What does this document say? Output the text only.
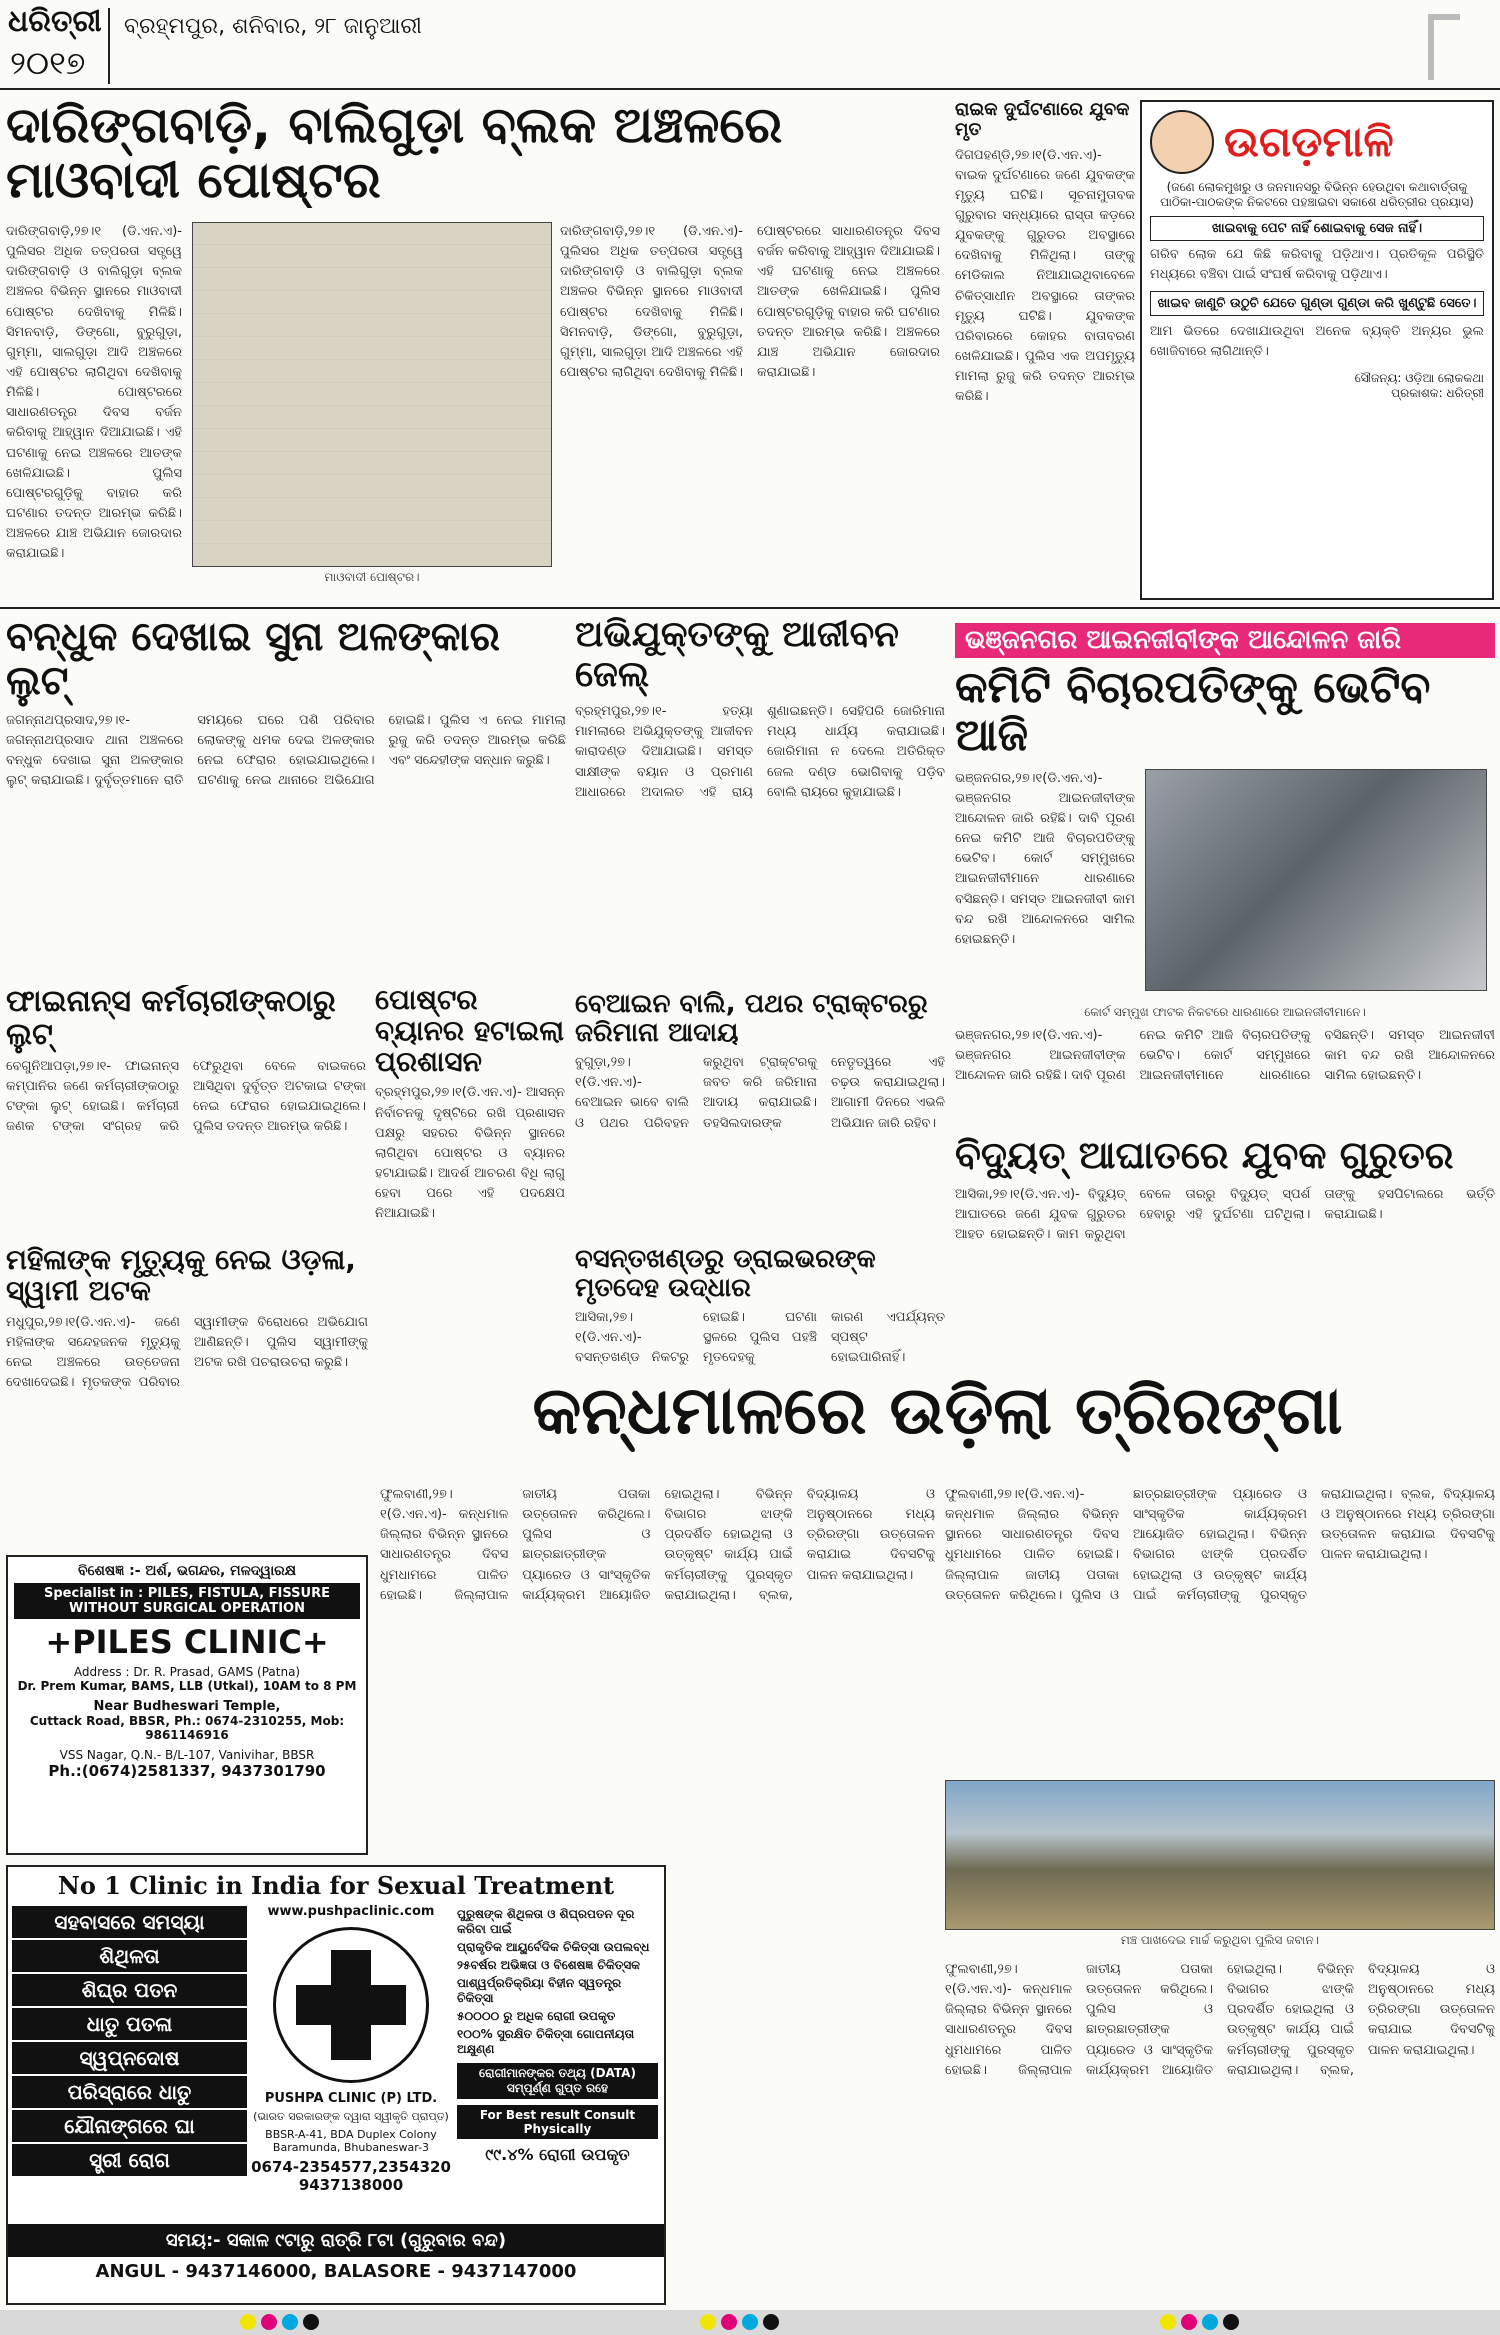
ଧରିତ୍ରୀ
୨୦୧୭
ବ୍ରହ୍ମପୁର, ଶନିବାର, ୨୮ ଜାନୁଆରୀ
ଦାରିଙ୍ଗବାଡ଼ି, ବାଲିଗୁଡ଼ା ବ୍ଲକ ଅଞ୍ଚଳରେ ମାଓବାଦୀ ପୋଷ୍ଟର
ଦାରିଙ୍ଗବାଡ଼ି,୨୭।୧ (ଡି.ଏନ.ଏ)- ପୁଲିସର ଅଧିକ ତତ୍ପରତା ସତ୍ତ୍ୱେ ଦାରିଙ୍ଗବାଡ଼ି ଓ ବାଲିଗୁଡ଼ା ବ୍ଲକ ଅଞ୍ଚଳର ବିଭିନ୍ନ ସ୍ଥାନରେ ମାଓବାଦୀ ପୋଷ୍ଟର ଦେଖିବାକୁ ମିଳିଛି। ସିମନବାଡ଼ି, ଡିଙ୍ଗୋ, ବୁରୁଗୁଡ଼ା, ଗୁମ୍ମା, ସାଲଗୁଡ଼ା ଆଦି ଅଞ୍ଚଳରେ ଏହି ପୋଷ୍ଟର ଲାଗିଥିବା ଦେଖିବାକୁ ମିଳିଛି। ପୋଷ୍ଟରରେ ସାଧାରଣତନ୍ତ୍ର ଦିବସ ବର୍ଜନ କରିବାକୁ ଆହ୍ୱାନ ଦିଆଯାଇଛି। ଏହି ଘଟଣାକୁ ନେଇ ଅଞ୍ଚଳରେ ଆତଙ୍କ ଖେଳିଯାଇଛି। ପୁଲିସ ପୋଷ୍ଟରଗୁଡ଼ିକୁ ବାହାର କରି ଘଟଣାର ତଦନ୍ତ ଆରମ୍ଭ କରିଛି। ଅଞ୍ଚଳରେ ଯାଞ୍ଚ ଅଭିଯାନ ଜୋରଦାର କରାଯାଇଛି।
ମାଓବାଦୀ ପୋଷ୍ଟର।
ଦାରିଙ୍ଗବାଡ଼ି,୨୭।୧ (ଡି.ଏନ.ଏ)- ପୁଲିସର ଅଧିକ ତତ୍ପରତା ସତ୍ତ୍ୱେ ଦାରିଙ୍ଗବାଡ଼ି ଓ ବାଲିଗୁଡ଼ା ବ୍ଲକ ଅଞ୍ଚଳର ବିଭିନ୍ନ ସ୍ଥାନରେ ମାଓବାଦୀ ପୋଷ୍ଟର ଦେଖିବାକୁ ମିଳିଛି। ସିମନବାଡ଼ି, ଡିଙ୍ଗୋ, ବୁରୁଗୁଡ଼ା, ଗୁମ୍ମା, ସାଲଗୁଡ଼ା ଆଦି ଅଞ୍ଚଳରେ ଏହି ପୋଷ୍ଟର ଲାଗିଥିବା ଦେଖିବାକୁ ମିଳିଛି। ପୋଷ୍ଟରରେ ସାଧାରଣତନ୍ତ୍ର ଦିବସ ବର୍ଜନ କରିବାକୁ ଆହ୍ୱାନ ଦିଆଯାଇଛି। ଏହି ଘଟଣାକୁ ନେଇ ଅଞ୍ଚଳରେ ଆତଙ୍କ ଖେଳିଯାଇଛି। ପୁଲିସ ପୋଷ୍ଟରଗୁଡ଼ିକୁ ବାହାର କରି ଘଟଣାର ତଦନ୍ତ ଆରମ୍ଭ କରିଛି। ଅଞ୍ଚଳରେ ଯାଞ୍ଚ ଅଭିଯାନ ଜୋରଦାର କରାଯାଇଛି।
ରାଇକ ଦୁର୍ଘଟଣାରେ ଯୁବକ ମୃତ
ଦିଗପହଣ୍ଡି,୨୭।୧(ଡି.ଏନ.ଏ)- ବାଇକ ଦୁର୍ଘଟଣାରେ ଜଣେ ଯୁବକଙ୍କ ମୃତ୍ୟୁ ଘଟିଛି। ସୂଚନାମୁତାବକ ଗୁରୁବାର ସନ୍ଧ୍ୟାରେ ରାସ୍ତା କଡ଼ରେ ଯୁବକଙ୍କୁ ଗୁରୁତର ଅବସ୍ଥାରେ ଦେଖିବାକୁ ମିଳିଥିଲା। ତାଙ୍କୁ ମେଡିକାଲ ନିଆଯାଇଥିବାବେଳେ ଚିକିତ୍ସାଧୀନ ଅବସ୍ଥାରେ ତାଙ୍କର ମୃତ୍ୟୁ ଘଟିଛି। ଯୁବକଙ୍କ ପରିବାରରେ କୋହର ବାତାବରଣ ଖେଳିଯାଇଛି। ପୁଲିସ ଏକ ଅପମୃତ୍ୟୁ ମାମଲା ରୁଜୁ କରି ତଦନ୍ତ ଆରମ୍ଭ କରିଛି।
ଉଗଡ଼ମାଳି
(ଜଣେ ଲୋକମୁଖରୁ ଓ ଜନମାନସରୁ ବିଭିନ୍ନ ହେଉଥିବା କଥାବାର୍ତ୍ତାକୁ ପାଠିକା-ପାଠକଙ୍କ ନିକଟରେ ପହଞ୍ଚାଇବା ସକାଶେ ଧରିତ୍ରୀର ପ୍ରୟାସ)
ଖାଇବାକୁ ପେଟ ନାହିଁ ଶୋଇବାକୁ ସେଜ ନାହିଁ।
ଗରିବ ଲୋକ ଯେ କିଛି କରିବାକୁ ପଡ଼ିଥାଏ। ପ୍ରତିକୂଳ ପରିସ୍ଥିତି ମଧ୍ୟରେ ବଞ୍ଚିବା ପାଇଁ ସଂଘର୍ଷ କରିବାକୁ ପଡ଼ିଥାଏ।
ଖାଇବ ଜାଣୁଚି ଉଠୁଚି ଯେତେ ଗୁଣ୍ଡା ଗୁଣ୍ଡା କରି ଖୁଣ୍ଟୁଛି ସେତେ।
ଆମ ଭିତରେ ଦେଖାଯାଉଥିବା ଅନେକ ବ୍ୟକ୍ତି ଅନ୍ୟର ଭୁଲ ଖୋଜିବାରେ ଲାଗିଥାନ୍ତି।
ସୌଜନ୍ୟ: ଓଡ଼ିଆ ଲୋକକଥା
ପ୍ରକାଶକ: ଧରିତ୍ରୀ
ବନ୍ଧୁକ ଦେଖାଇ ସୁନା ଅଳଙ୍କାର ଲୁଟ୍
ଜଗନ୍ନାଥପ୍ରସାଦ,୨୭।୧- ଜଗନ୍ନାଥପ୍ରସାଦ ଥାନା ଅଞ୍ଚଳରେ ବନ୍ଧୁକ ଦେଖାଇ ସୁନା ଅଳଙ୍କାର ଲୁଟ୍ କରାଯାଇଛି। ଦୁର୍ବୃତ୍ତମାନେ ରାତି ସମୟରେ ଘରେ ପଶି ପରିବାର ଲୋକଙ୍କୁ ଧମକ ଦେଇ ଅଳଙ୍କାର ନେଇ ଫେରାର ହୋଇଯାଇଥିଲେ। ଘଟଣାକୁ ନେଇ ଥାନାରେ ଅଭିଯୋଗ ହୋଇଛି। ପୁଲିସ ଏ ନେଇ ମାମଲା ରୁଜୁ କରି ତଦନ୍ତ ଆରମ୍ଭ କରିଛି ଏବଂ ସନ୍ଦେହୀଙ୍କ ସନ୍ଧାନ କରୁଛି।
ଅଭିଯୁକ୍ତଙ୍କୁ ଆଜୀବନ ଜେଲ୍
ବ୍ରହ୍ମପୁର,୨୭।୧- ହତ୍ୟା ମାମଲାରେ ଅଭିଯୁକ୍ତଙ୍କୁ ଆଜୀବନ କାରାଦଣ୍ଡ ଦିଆଯାଇଛି। ସମସ୍ତ ସାକ୍ଷୀଙ୍କ ବୟାନ ଓ ପ୍ରମାଣ ଆଧାରରେ ଅଦାଲତ ଏହି ରାୟ ଶୁଣାଇଛନ୍ତି। ସେହିପରି ଜୋରିମାନା ମଧ୍ୟ ଧାର୍ଯ୍ୟ କରାଯାଇଛି। ଜୋରିମାନା ନ ଦେଲେ ଅତିରିକ୍ତ ଜେଲ ଦଣ୍ଡ ଭୋଗିବାକୁ ପଡ଼ିବ ବୋଲି ରାୟରେ କୁହାଯାଇଛି।
ଭଞ୍ଜନଗର ଆଇନଜୀବୀଙ୍କ ଆନ୍ଦୋଳନ ଜାରି
କମିଟି ବିଚାରପତିଙ୍କୁ ଭେଟିବ ଆଜି
ଭଞ୍ଜନଗର,୨୭।୧(ଡି.ଏନ.ଏ)- ଭଞ୍ଜନଗର ଆଇନଜୀବୀଙ୍କ ଆନ୍ଦୋଳନ ଜାରି ରହିଛି। ଦାବି ପୂରଣ ନେଇ କମିଟି ଆଜି ବିଚାରପତିଙ୍କୁ ଭେଟିବ। କୋର୍ଟ ସମ୍ମୁଖରେ ଆଇନଜୀବୀମାନେ ଧାରଣାରେ ବସିଛନ୍ତି। ସମସ୍ତ ଆଇନଜୀବୀ କାମ ବନ୍ଦ ରଖି ଆନ୍ଦୋଳନରେ ସାମିଲ ହୋଇଛନ୍ତି।
କୋର୍ଟ ସମ୍ମୁଖ ଫାଟକ ନିକଟରେ ଧାରଣାରେ ଆଇନଜୀବୀମାନେ।
ଭଞ୍ଜନଗର,୨୭।୧(ଡି.ଏନ.ଏ)- ଭଞ୍ଜନଗର ଆଇନଜୀବୀଙ୍କ ଆନ୍ଦୋଳନ ଜାରି ରହିଛି। ଦାବି ପୂରଣ ନେଇ କମିଟି ଆଜି ବିଚାରପତିଙ୍କୁ ଭେଟିବ। କୋର୍ଟ ସମ୍ମୁଖରେ ଆଇନଜୀବୀମାନେ ଧାରଣାରେ ବସିଛନ୍ତି। ସମସ୍ତ ଆଇନଜୀବୀ କାମ ବନ୍ଦ ରଖି ଆନ୍ଦୋଳନରେ ସାମିଲ ହୋଇଛନ୍ତି।
ଫାଇନାନ୍ସ କର୍ମଚାରୀଙ୍କଠାରୁ ଲୁଟ୍
ବେଗୁନିଆପଡ଼ା,୨୭।୧- ଫାଇନାନ୍ସ କମ୍ପାନିର ଜଣେ କର୍ମଚାରୀଙ୍କଠାରୁ ଟଙ୍କା ଲୁଟ୍ ହୋଇଛି। କର୍ମଚାରୀ ଜଣକ ଟଙ୍କା ସଂଗ୍ରହ କରି ଫେରୁଥିବା ବେଳେ ବାଇକରେ ଆସିଥିବା ଦୁର୍ବୃତ୍ତ ଅଟକାଇ ଟଙ୍କା ନେଇ ଫେରାର ହୋଇଯାଇଥିଲେ। ପୁଲିସ ତଦନ୍ତ ଆରମ୍ଭ କରିଛି।
ପୋଷ୍ଟର ବ୍ୟାନର ହଟାଇଲା ପ୍ରଶାସନ
ବ୍ରହ୍ମପୁର,୨୭।୧(ଡି.ଏନ.ଏ)- ଆସନ୍ନ ନିର୍ବାଚନକୁ ଦୃଷ୍ଟିରେ ରଖି ପ୍ରଶାସନ ପକ୍ଷରୁ ସହରର ବିଭିନ୍ନ ସ୍ଥାନରେ ଲାଗିଥିବା ପୋଷ୍ଟର ଓ ବ୍ୟାନର ହଟାଯାଇଛି। ଆଦର୍ଶ ଆଚରଣ ବିଧି ଲାଗୁ ହେବା ପରେ ଏହି ପଦକ୍ଷେପ ନିଆଯାଇଛି।
ବେଆଇନ ବାଲି, ପଥର ଟ୍ରାକ୍ଟରରୁ ଜରିମାନା ଆଦାୟ
ବୁଗୁଡ଼ା,୨୭।୧(ଡି.ଏନ.ଏ)- ବେଆଇନ ଭାବେ ବାଲି ଓ ପଥର ପରିବହନ କରୁଥିବା ଟ୍ରାକ୍ଟରକୁ ଜବତ କରି ଜରିମାନା ଆଦାୟ କରାଯାଇଛି। ତହସିଲଦାରଙ୍କ ନେତୃତ୍ୱରେ ଏହି ଚଢ଼ଉ କରାଯାଇଥିଲା। ଆଗାମୀ ଦିନରେ ଏଭଳି ଅଭିଯାନ ଜାରି ରହିବ।
ମହିଳାଙ୍କ ମୃତ୍ୟୁକୁ ନେଇ ଓଡ଼ଳା, ସ୍ୱାମୀ ଅଟକ
ମଧୁପୁର,୨୭।୧(ଡି.ଏନ.ଏ)- ଜଣେ ମହିଳାଙ୍କ ସନ୍ଦେହଜନକ ମୃତ୍ୟୁକୁ ନେଇ ଅଞ୍ଚଳରେ ଉତ୍ତେଜନା ଦେଖାଦେଇଛି। ମୃତକଙ୍କ ପରିବାର ସ୍ୱାମୀଙ୍କ ବିରୋଧରେ ଅଭିଯୋଗ ଆଣିଛନ୍ତି। ପୁଲିସ ସ୍ୱାମୀଙ୍କୁ ଅଟକ ରଖି ପଚରାଉଚରା କରୁଛି।
ବସନ୍ତଖଣ୍ଡରୁ ଡ୍ରାଇଭରଙ୍କ ମୃତଦେହ ଉଦ୍ଧାର
ଆସିକା,୨୭।୧(ଡି.ଏନ.ଏ)- ବସନ୍ତଖଣ୍ଡ ନିକଟରୁ ହୋଇଛି। ଘଟଣା ସ୍ଥଳରେ ପୁଲିସ ପହଞ୍ଚି ମୃତଦେହକୁ କାରଣ ଏପର୍ଯ୍ୟନ୍ତ ସ୍ପଷ୍ଟ ହୋଇପାରିନାହିଁ।
ବିଦ୍ୟୁତ୍ ଆଘାତରେ ଯୁବକ ଗୁରୁତର
ଆସିକା,୨୭।୧(ଡି.ଏନ.ଏ)- ବିଦ୍ୟୁତ୍ ଆଘାତରେ ଜଣେ ଯୁବକ ଗୁରୁତର ଆହତ ହୋଇଛନ୍ତି। କାମ କରୁଥିବା ବେଳେ ତାରରୁ ବିଦ୍ୟୁତ୍ ସ୍ପର୍ଶ ହେବାରୁ ଏହି ଦୁର୍ଘଟଣା ଘଟିଥିଲା। ତାଙ୍କୁ ହସପିଟାଲରେ ଭର୍ତ୍ତି କରାଯାଇଛି।
କନ୍ଧମାଳରେ ଉଡ଼ିଲା ତ୍ରିରଙ୍ଗା
ଫୁଲବାଣୀ,୨୭।୧(ଡି.ଏନ.ଏ)- କନ୍ଧମାଳ ଜିଲ୍ଲାର ବିଭିନ୍ନ ସ୍ଥାନରେ ସାଧାରଣତନ୍ତ୍ର ଦିବସ ଧୁମଧାମରେ ପାଳିତ ହୋଇଛି। ଜିଲ୍ଲାପାଳ ଜାତୀୟ ପତାକା ଉତ୍ତୋଳନ କରିଥିଲେ। ପୁଲିସ ଓ ଛାତ୍ରଛାତ୍ରୀଙ୍କ ପ୍ୟାରେଡ ଓ ସାଂସ୍କୃତିକ କାର୍ଯ୍ୟକ୍ରମ ଆୟୋଜିତ ହୋଇଥିଲା। ବିଭିନ୍ନ ବିଭାଗର ଝାଙ୍କି ପ୍ରଦର୍ଶିତ ହୋଇଥିଲା ଓ ଉତ୍କୃଷ୍ଟ କାର୍ଯ୍ୟ ପାଇଁ କର୍ମଚାରୀଙ୍କୁ ପୁରସ୍କୃତ କରାଯାଇଥିଲା। ବ୍ଲକ, ବିଦ୍ୟାଳୟ ଓ ଅନୁଷ୍ଠାନରେ ମଧ୍ୟ ତ୍ରିରଙ୍ଗା ଉତ୍ତୋଳନ କରାଯାଇ ଦିବସଟିକୁ ପାଳନ କରାଯାଇଥିଲା।
ଫୁଲବାଣୀ,୨୭।୧(ଡି.ଏନ.ଏ)- କନ୍ଧମାଳ ଜିଲ୍ଲାର ବିଭିନ୍ନ ସ୍ଥାନରେ ସାଧାରଣତନ୍ତ୍ର ଦିବସ ଧୁମଧାମରେ ପାଳିତ ହୋଇଛି। ଜିଲ୍ଲାପାଳ ଜାତୀୟ ପତାକା ଉତ୍ତୋଳନ କରିଥିଲେ। ପୁଲିସ ଓ ଛାତ୍ରଛାତ୍ରୀଙ୍କ ପ୍ୟାରେଡ ଓ ସାଂସ୍କୃତିକ କାର୍ଯ୍ୟକ୍ରମ ଆୟୋଜିତ ହୋଇଥିଲା। ବିଭିନ୍ନ ବିଭାଗର ଝାଙ୍କି ପ୍ରଦର୍ଶିତ ହୋଇଥିଲା ଓ ଉତ୍କୃଷ୍ଟ କାର୍ଯ୍ୟ ପାଇଁ କର୍ମଚାରୀଙ୍କୁ ପୁରସ୍କୃତ କରାଯାଇଥିଲା। ବ୍ଲକ, ବିଦ୍ୟାଳୟ ଓ ଅନୁଷ୍ଠାନରେ ମଧ୍ୟ ତ୍ରିରଙ୍ଗା ଉତ୍ତୋଳନ କରାଯାଇ ଦିବସଟିକୁ ପାଳନ କରାଯାଇଥିଲା।
ମଞ୍ଚ ପାଖଦେଇ ମାର୍ଚ୍ଚ କରୁଥିବା ପୁଲିସ ଜବାନ।
ଫୁଲବାଣୀ,୨୭।୧(ଡି.ଏନ.ଏ)- କନ୍ଧମାଳ ଜିଲ୍ଲାର ବିଭିନ୍ନ ସ୍ଥାନରେ ସାଧାରଣତନ୍ତ୍ର ଦିବସ ଧୁମଧାମରେ ପାଳିତ ହୋଇଛି। ଜିଲ୍ଲାପାଳ ଜାତୀୟ ପତାକା ଉତ୍ତୋଳନ କରିଥିଲେ। ପୁଲିସ ଓ ଛାତ୍ରଛାତ୍ରୀଙ୍କ ପ୍ୟାରେଡ ଓ ସାଂସ୍କୃତିକ କାର୍ଯ୍ୟକ୍ରମ ଆୟୋଜିତ ହୋଇଥିଲା। ବିଭିନ୍ନ ବିଭାଗର ଝାଙ୍କି ପ୍ରଦର୍ଶିତ ହୋଇଥିଲା ଓ ଉତ୍କୃଷ୍ଟ କାର୍ଯ୍ୟ ପାଇଁ କର୍ମଚାରୀଙ୍କୁ ପୁରସ୍କୃତ କରାଯାଇଥିଲା। ବ୍ଲକ, ବିଦ୍ୟାଳୟ ଓ ଅନୁଷ୍ଠାନରେ ମଧ୍ୟ ତ୍ରିରଙ୍ଗା ଉତ୍ତୋଳନ କରାଯାଇ ଦିବସଟିକୁ ପାଳନ କରାଯାଇଥିଲା।
ବିଶେଷଜ୍ଞ :- ଅର୍ଶ, ଭଗନ୍ଦର, ମଳଦ୍ୱାରକ୍ଷ
Specialist in : PILES, FISTULA, FISSURE
WITHOUT SURGICAL OPERATION
+PILES CLINIC+
Address : Dr. R. Prasad, GAMS (Patna)
Dr. Prem Kumar, BAMS, LLB (Utkal), 10AM to 8 PM
Near Budheswari Temple,
Cuttack Road, BBSR, Ph.: 0674-2310255, Mob: 9861146916
VSS Nagar, Q.N.- B/L-107, Vanivihar, BBSR
Ph.:(0674)2581337, 9437301790
No 1 Clinic in India for Sexual Treatment
ସହବାସରେ ସମସ୍ୟା
ଶିଥିଳତା
ଶିଘ୍ର ପତନ
ଧାତୁ ପତଳା
ସ୍ୱପ୍ନଦୋଷ
ପରିସ୍ରାରେ ଧାତୁ
ଯୌନାଙ୍ଗରେ ଘା
ସ୍ତ୍ରୀ ରୋଗ
www.pushpaclinic.com
PUSHPA CLINIC (P) LTD.
(ଭାରତ ସରକାରଙ୍କ ଦ୍ୱାରା ସ୍ୱୀକୃତି ପ୍ରାପ୍ତ)
BBSR-A-41, BDA Duplex Colony Baramunda, Bhubaneswar-3
0674-2354577,2354320
9437138000
ପୁରୁଷଙ୍କ ଶିଥିଳତା ଓ ଶିଘ୍ରପତନ ଦୂର କରିବା ପାଇଁ
ପ୍ରାକୃତିକ ଆୟୁର୍ବେଦିକ ଚିକିତ୍ସା ଉପଲବ୍ଧ
୨୫ବର୍ଷର ଅଭିଜ୍ଞତା ଓ ବିଶେଷଜ୍ଞ ଚିକିତ୍ସକ
ପାଶ୍ୱର୍ପ୍ରତିକ୍ରିୟା ବିହୀନ ସ୍ୱତନ୍ତ୍ର ଚିକିତ୍ସା
୫୦୦୦୦ ରୁ ଅଧିକ ରୋଗୀ ଉପକୃତ
୧୦୦% ସୁରକ୍ଷିତ ଚିକିତ୍ସା ଗୋପନୀୟତା ଅକ୍ଷୁଣ୍ଣ
ରୋଗୀମାନଙ୍କର ତଥ୍ୟ (DATA) ସମ୍ପୂର୍ଣ୍ଣ ଗୁପ୍ତ ରହେ
For Best result Consult Physically
୯୯.୪% ରୋଗୀ ଉପକୃତ
ସମୟ:- ସକାଳ ୯ଟାରୁ ରାତ୍ରି ୮ଟା (ଗୁରୁବାର ବନ୍ଦ)
ANGUL - 9437146000, BALASORE - 9437147000
